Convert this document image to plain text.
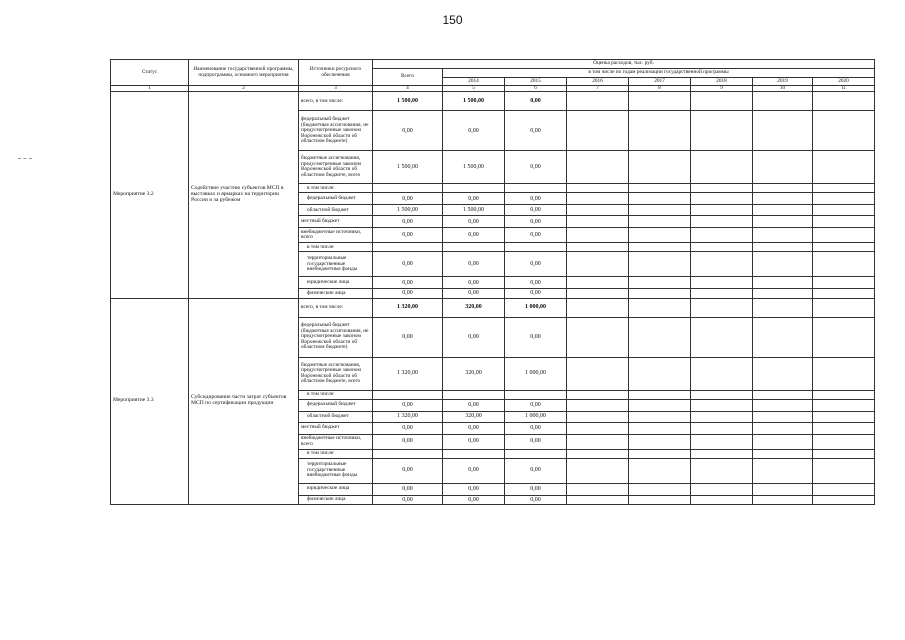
150
Статус	Наименование государственной программы, подпрограммы, основного мероприятия	Источники ресурсного обеспечения	Оценка расходов, тыс. руб.							
			Всего	в том числе по годам реализации государственной программы						
				2014	2015	2016	2017	2018	2019	2020
1	2	3	4	5	6	7	8	9	10	11
Мероприятие 3.2	Содействие участию субъектов МСП в выставках и ярмарках на территории России и за рубежом	всего, в том числе:	1 500,00	1 500,00	0,00					
		федеральный бюджет (бюджетные ассигнования, не предусмотренные законом Воронежской области об областном бюджете)	0,00	0,00	0,00					
		бюджетные ассигнования, предусмотренные законом Воронежской области об областном бюджете, всего	1 500,00	1 500,00	0,00					
		в том числе:								
		федеральный бюджет	0,00	0,00	0,00					
		областной бюджет	1 500,00	1 500,00	0,00					
		местный бюджет	0,00	0,00	0,00					
		внебюджетные источники, всего	0,00	0,00	0,00					
		в том числе:								
		территориальные государственные внебюджетные фонды	0,00	0,00	0,00					
		юридические лица	0,00	0,00	0,00					
		физические лица	0,00	0,00	0,00					
Мероприятие 3.3	Субсидирование части затрат субъектов МСП по сертификации продукции	всего, в том числе:	1 320,00	320,00	1 000,00					
		федеральный бюджет (бюджетные ассигнования, не предусмотренные законом Воронежской области об областном бюджете)	0,00	0,00	0,00					
		бюджетные ассигнования, предусмотренные законом Воронежской области об областном бюджете, всего	1 320,00	320,00	1 000,00					
		в том числе:								
		федеральный бюджет	0,00	0,00	0,00					
		областной бюджет	1 320,00	320,00	1 000,00					
		местный бюджет	0,00	0,00	0,00					
		внебюджетные источники, всего	0,00	0,00	0,00					
		в том числе:								
		территориальные государственные внебюджетные фонды	0,00	0,00	0,00					
		юридические лица	0,00	0,00	0,00					
		физические лица	0,00	0,00	0,00					
